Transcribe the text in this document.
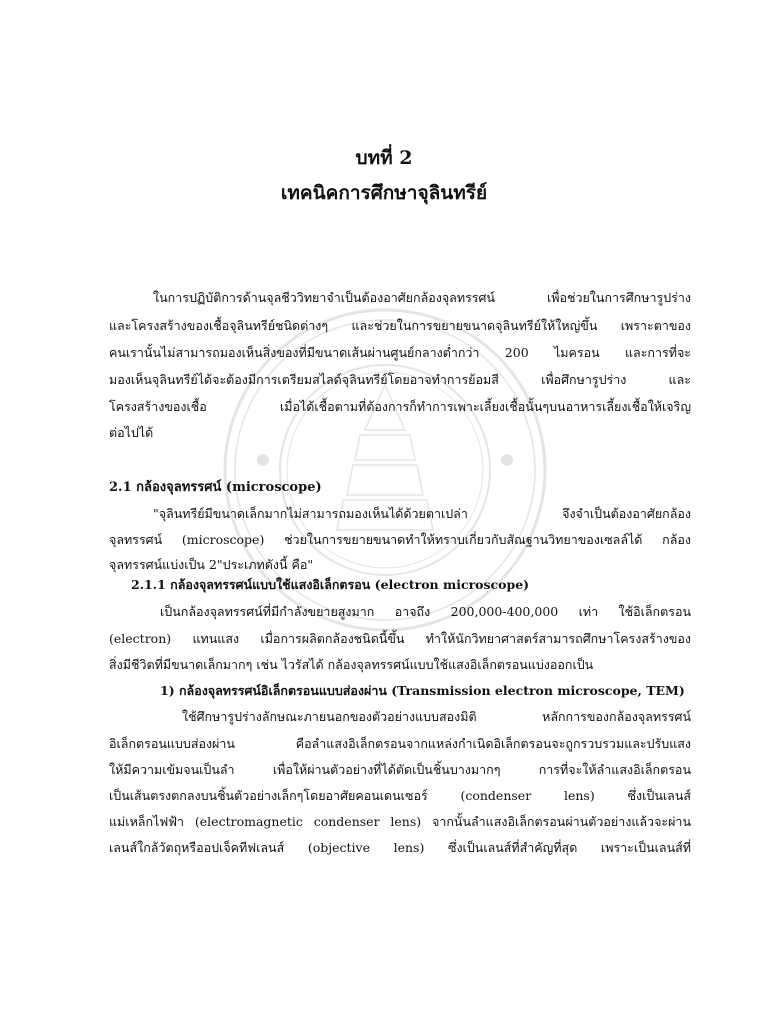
บทที่ 2
เทคนิคการศึกษาจุลินทรีย์
ในการปฏิบัติการด้านจุลชีววิทยาจำเป็นต้องอาศัยกล้องจุลทรรศน์ เพื่อช่วยในการศึกษารูปร่าง
และโครงสร้างของเชื้อจุลินทรีย์ชนิดต่างๆ และช่วยในการขยายขนาดจุลินทรีย์ให้ใหญ่ขึ้น เพราะตาของ
คนเรานั้นไม่สามารถมองเห็นสิ่งของที่มีขนาดเส้นผ่านศูนย์กลางต่ำกว่า 200 ไมครอน และการที่จะ
มองเห็นจุลินทรีย์ได้จะต้องมีการเตรียมสไลด์จุลินทรีย์โดยอาจทำการย้อมสี เพื่อศึกษารูปร่าง และ
โครงสร้างของเชื้อ เมื่อได้เชื้อตามที่ต้องการก็ทำการเพาะเลี้ยงเชื้อนั้นๆบนอาหารเลี้ยงเชื้อให้เจริญ
ต่อไปได้
2.1 กล้องจุลทรรศน์ (microscope)
"จุลินทรีย์มีขนาดเล็กมากไม่สามารถมองเห็นได้ด้วยตาเปล่า จึงจำเป็นต้องอาศัยกล้อง
จุลทรรศน์ (microscope) ช่วยในการขยายขนาดทำให้ทราบเกี่ยวกับสัณฐานวิทยาของเซลล์ได้ กล้อง
จุลทรรศน์แบ่งเป็น 2"ประเภทดังนี้ คือ"
2.1.1 กล้องจุลทรรศน์แบบใช้แสงอิเล็กตรอน (electron microscope)
เป็นกล้องจุลทรรศน์ที่มีกำลังขยายสูงมาก อาจถึง 200,000-400,000 เท่า ใช้อิเล็กตรอน
(electron) แทนแสง เมื่อการผลิตกล้องชนิดนี้ขึ้น ทำให้นักวิทยาศาสตร์สามารถศึกษาโครงสร้างของ
สิ่งมีชีวิตที่มีขนาดเล็กมากๆ เช่น ไวรัสได้ กล้องจุลทรรศน์แบบใช้แสงอิเล็กตรอนแบ่งออกเป็น
1) กล้องจุลทรรศน์อิเล็กตรอนแบบส่องผ่าน (Transmission electron microscope, TEM)
ใช้ศึกษารูปร่างลักษณะภายนอกของตัวอย่างแบบสองมิติ หลักการของกล้องจุลทรรศน์
อิเล็กตรอนแบบส่องผ่าน คือลำแสงอิเล็กตรอนจากแหล่งกำเนิดอิเล็กตรอนจะถูกรวบรวมและปรับแสง
ให้มีความเข้มจนเป็นลำ เพื่อให้ผ่านตัวอย่างที่ได้ตัดเป็นชิ้นบางมากๆ การที่จะให้ลำแสงอิเล็กตรอน
เป็นเส้นตรงตกลงบนชิ้นตัวอย่างเล็กๆโดยอาศัยคอนเดนเซอร์ (condenser lens) ซึ่งเป็นเลนส์
แม่เหล็กไฟฟ้า (electromagnetic condenser lens) จากนั้นลำแสงอิเล็กตรอนผ่านตัวอย่างแล้วจะผ่าน
เลนส์ใกล้วัตถุหรืออปเจ็คทีฟเลนส์ (objective lens) ซึ่งเป็นเลนส์ที่สำคัญที่สุด เพราะเป็นเลนส์ที่
